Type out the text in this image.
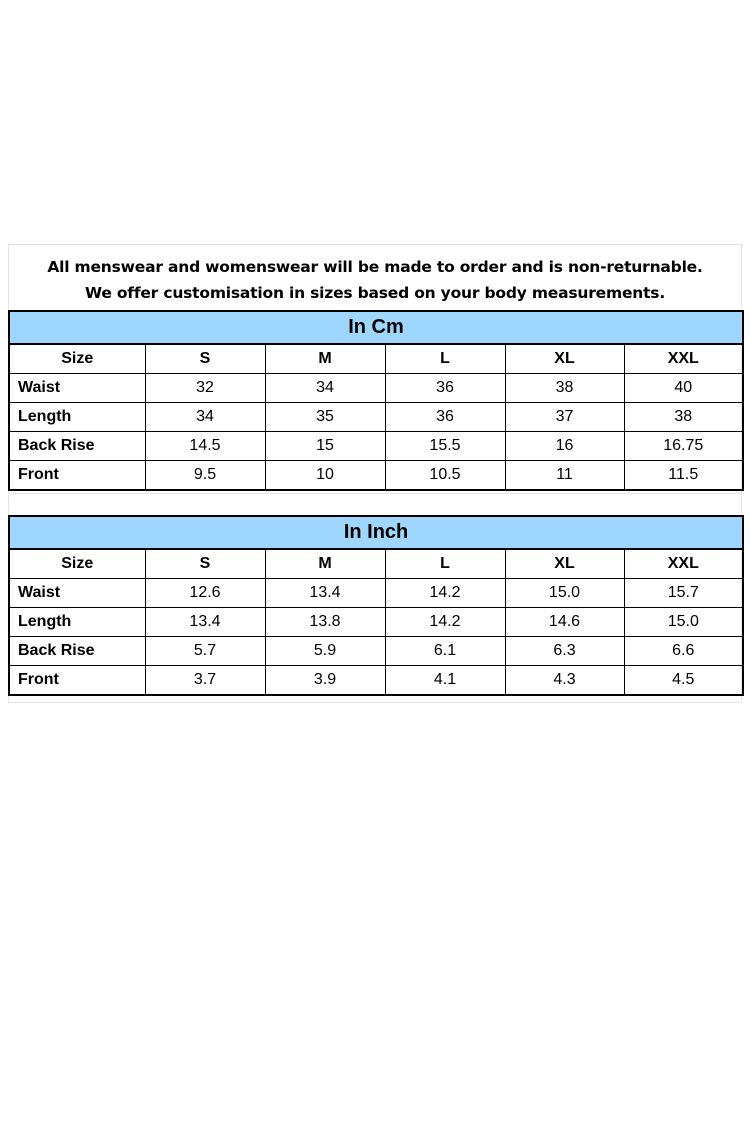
All menswear and womenswear will be made to order and is non-returnable.
We offer customisation in sizes based on your body measurements.
In Cm					
Size	S	M	L	XL	XXL
Waist	32	34	36	38	40
Length	34	35	36	37	38
Back Rise	14.5	15	15.5	16	16.75
Front	9.5	10	10.5	11	11.5
In Inch					
Size	S	M	L	XL	XXL
Waist	12.6	13.4	14.2	15.0	15.7
Length	13.4	13.8	14.2	14.6	15.0
Back Rise	5.7	5.9	6.1	6.3	6.6
Front	3.7	3.9	4.1	4.3	4.5
